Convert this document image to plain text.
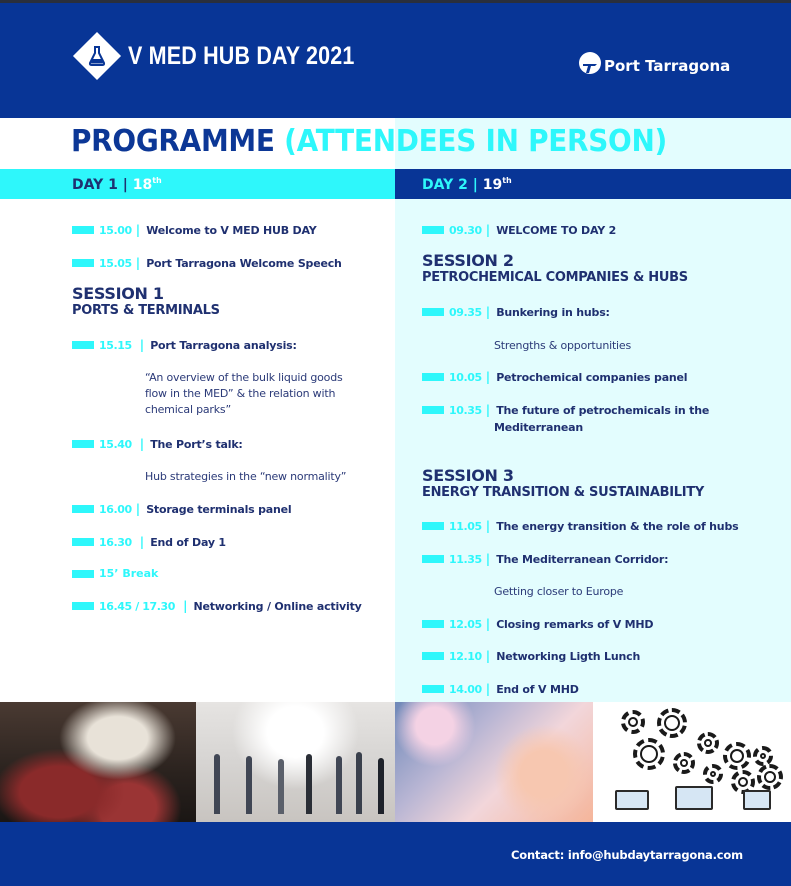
V MED HUB DAY 2021	Port Tarragona
PROGRAMME (ATTENDEES IN PERSON)
DAY 1 | 18th	DAY 2 | 19th
15.00 | Welcome to V MED HUB DAY
15.05 | Port Tarragona Welcome Speech
SESSION 1
PORTS & TERMINALS
15.15 | Port Tarragona analysis:
“An overview of the bulk liquid goods flow in the MED” & the relation with chemical parks”
15.40 | The Port’s talk:
Hub strategies in the “new normality”
16.00 | Storage terminals panel
16.30 | End of Day 1
15’ Break
16.45 / 17.30 | Networking / Online activity
09.30 | WELCOME TO DAY 2
SESSION 2
PETROCHEMICAL COMPANIES & HUBS
09.35 | Bunkering in hubs:
Strengths & opportunities
10.05 | Petrochemical companies panel
10.35 | The future of petrochemicals in the
Mediterranean
SESSION 3
ENERGY TRANSITION & SUSTAINABILITY
11.05 | The energy transition & the role of hubs
11.35 | The Mediterranean Corridor:
Getting closer to Europe
12.05 | Closing remarks of V MHD
12.10 | Networking Ligth Lunch
14.00 | End of V MHD
Contact: info@hubdaytarragona.com
